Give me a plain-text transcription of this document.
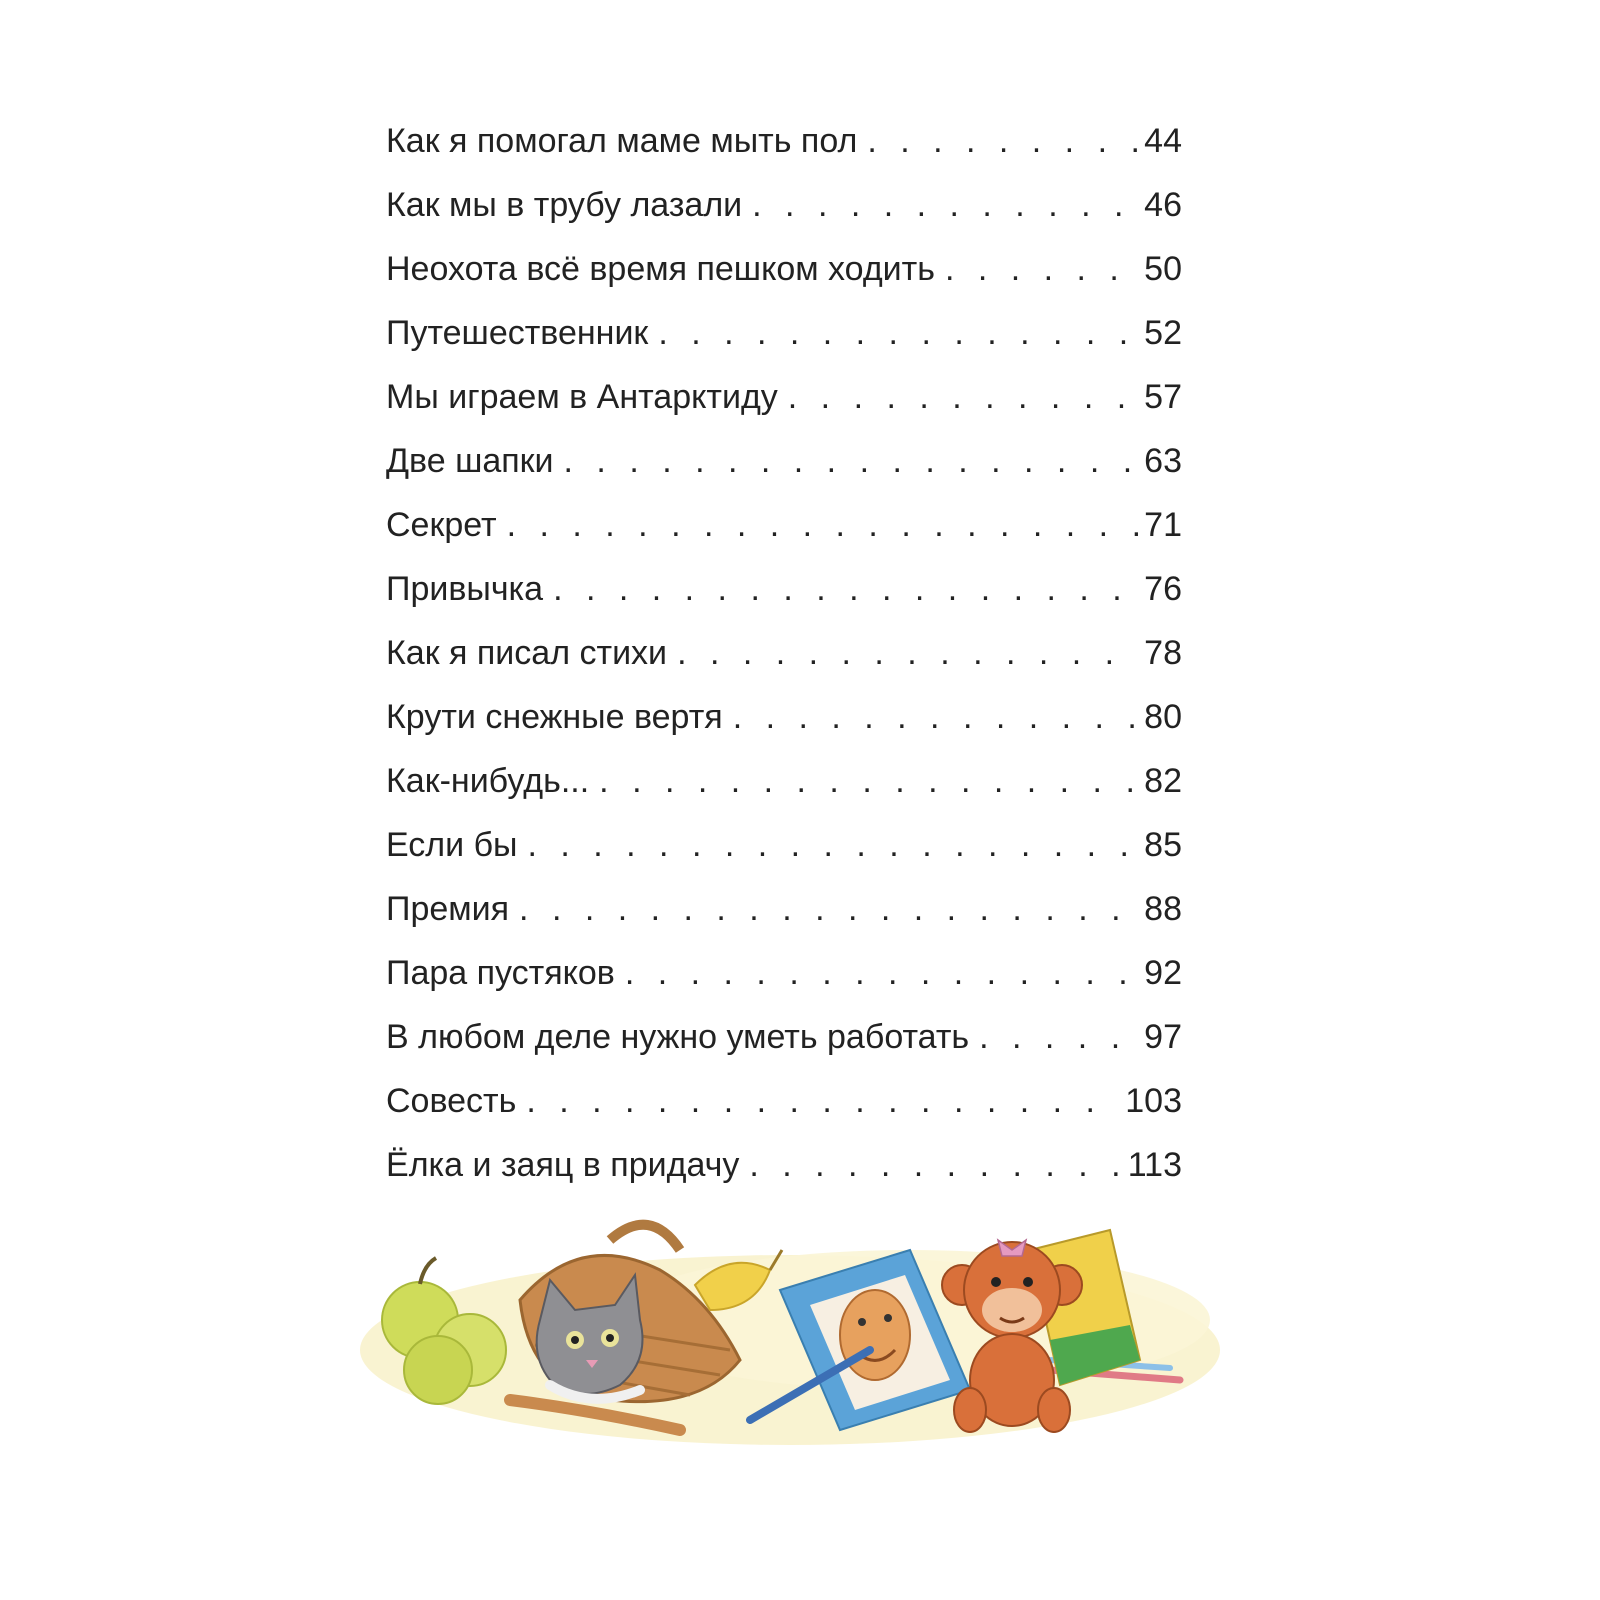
Как я помогал маме мыть пол . . .	44
Как мы в трубу лазали . . .	46
Неохота всё время пешком ходить . . .	50
Путешественник . . .	52
Мы играем в Антарктиду . . .	57
Две шапки . . .	63
Секрет . . .	71
Привычка . . .	76
Как я писал стихи . . .	78
Крути снежные вертя . . .	80
Как-нибудь... . . .	82
Если бы . . .	85
Премия . . .	88
Пара пустяков . . .	92
В любом деле нужно уметь работать . . .	97
Совесть . . .	103
Ёлка и заяц в придачу . . .	113
